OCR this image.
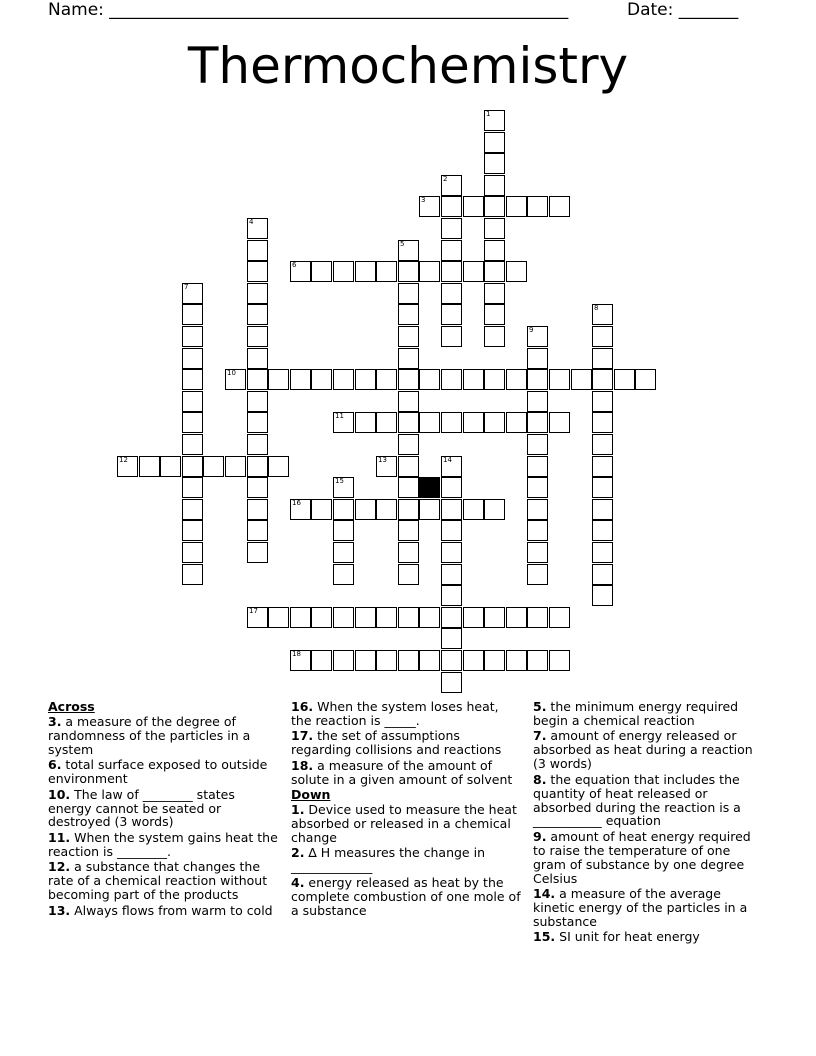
Name: ______________________________________________________	Date: _______
Thermochemistry
1
2
3
4
5
6
7
8
9
10
11
12	13	14
15
16
17
18
Across
3. a measure of the degree of randomness of the particles in a system
6. total surface exposed to outside environment
10. The law of ________ states energy cannot be seated or destroyed (3 words)
11. When the system gains heat the reaction is ________.
12. a substance that changes the rate of a chemical reaction without becoming part of the products
13. Always flows from warm to cold
16. When the system loses heat, the reaction is _____.
17. the set of assumptions regarding collisions and reactions
18. a measure of the amount of solute in a given amount of solvent
Down
1. Device used to measure the heat absorbed or released in a chemical change
2. ∆ H measures the change in _____________
4. energy released as heat by the complete combustion of one mole of a substance
5. the minimum energy required begin a chemical reaction
7. amount of energy released or absorbed as heat during a reaction (3 words)
8. the equation that includes the quantity of heat released or absorbed during the reaction is a ___________ equation
9. amount of heat energy required to raise the temperature of one gram of substance by one degree Celsius
14. a measure of the average kinetic energy of the particles in a substance
15. SI unit for heat energy
